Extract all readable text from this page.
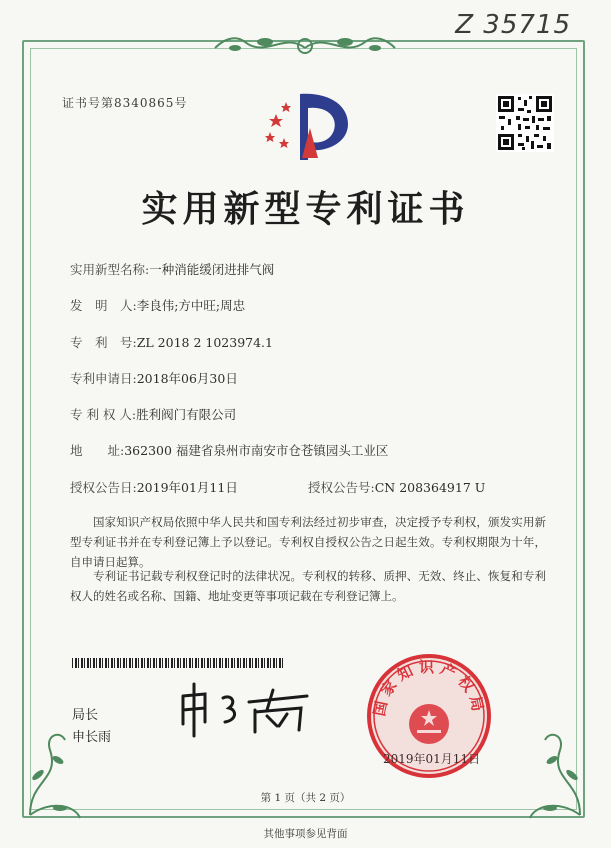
Z 35715
证书号第8340865号
实用新型专利证书
实用新型名称:一种消能缓闭进排气阀
发　明　人:李良伟;方中旺;周忠
专　利　号:ZL 2018 2 1023974.1
专利申请日:2018年06月30日
专 利 权 人:胜利阀门有限公司
地　　址:362300 福建省泉州市南安市仓苍镇园头工业区
授权公告日:2019年01月11日	授权公告号:CN 208364917 U
国家知识产权局依照中华人民共和国专利法经过初步审查，决定授予专利权，颁发实用新型专利证书并在专利登记簿上予以登记。专利权自授权公告之日起生效。专利权期限为十年，自申请日起算。
专利证书记载专利权登记时的法律状况。专利权的转移、质押、无效、终止、恢复和专利权人的姓名或名称、国籍、地址变更等事项记载在专利登记簿上。
局长
申长雨
国家知识产权局
2019年01月11日
第 1 页（共 2 页）
其他事项参见背面
